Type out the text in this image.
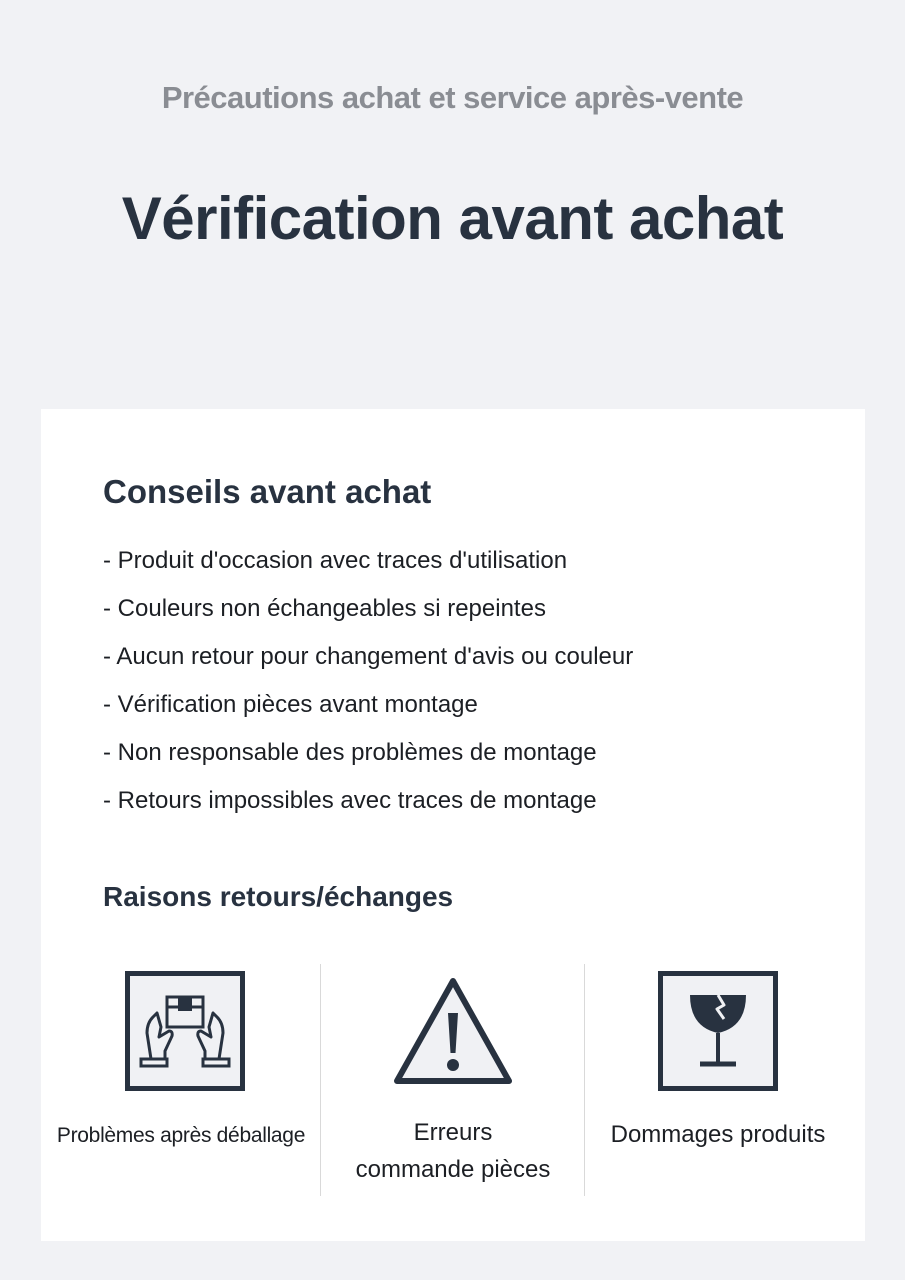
Précautions achat et service après-vente
Vérification avant achat
Conseils avant achat
- Produit d'occasion avec traces d'utilisation
- Couleurs non échangeables si repeintes
- Aucun retour pour changement d'avis ou couleur
- Vérification pièces avant montage
- Non responsable des problèmes de montage
- Retours impossibles avec traces de montage
Raisons retours/échanges
Problèmes après déballage	Erreurs
commande pièces
Dommages produits
